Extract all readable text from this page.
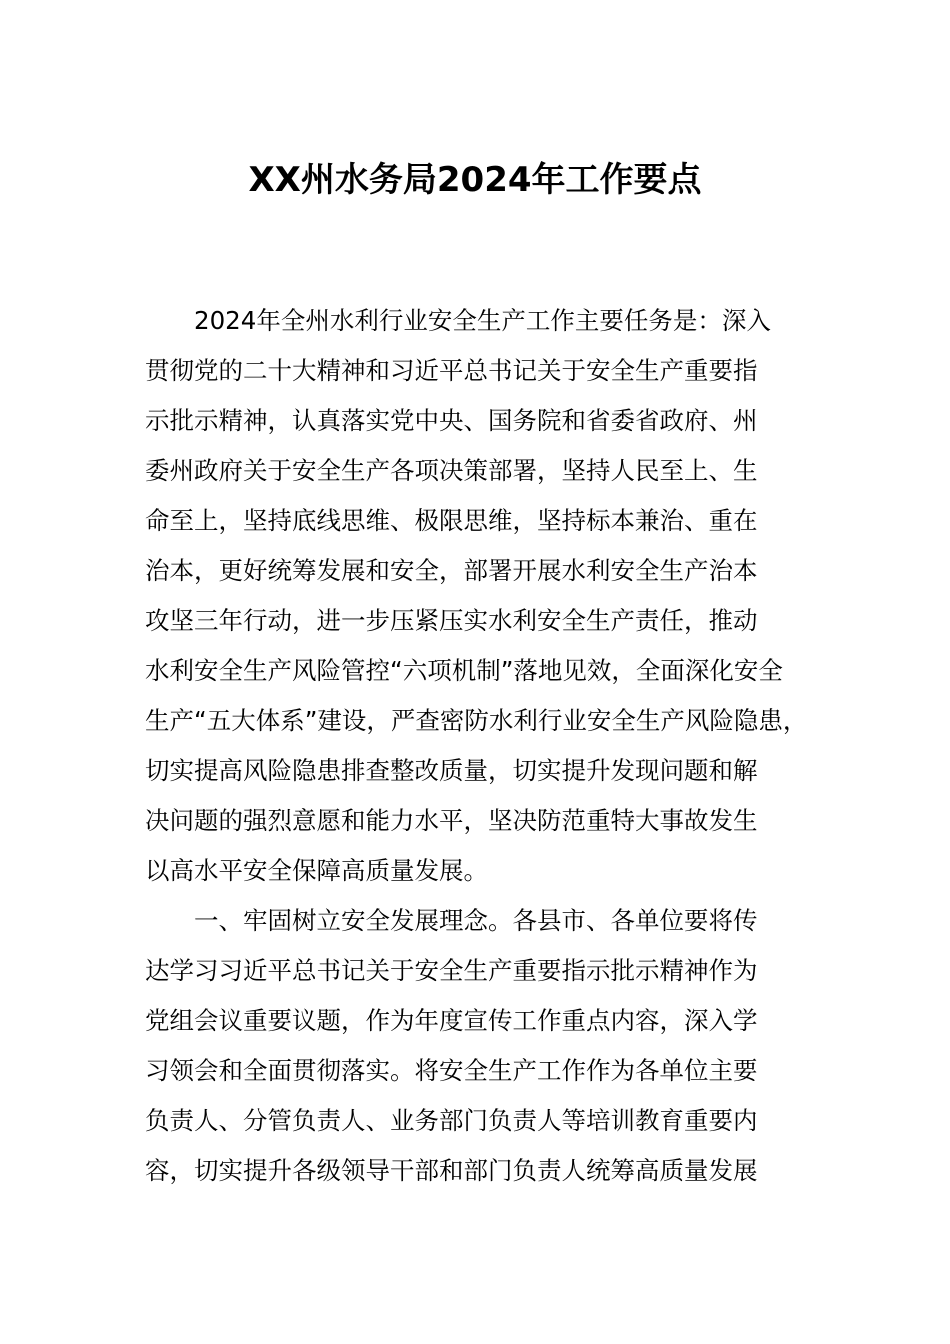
XX州水务局2024年工作要点
2024年全州水利行业安全生产工作主要任务是：深入
贯彻党的二十大精神和习近平总书记关于安全生产重要指
示批示精神，认真落实党中央、国务院和省委省政府、州
委州政府关于安全生产各项决策部署，坚持人民至上、生
命至上，坚持底线思维、极限思维，坚持标本兼治、重在
治本，更好统筹发展和安全，部署开展水利安全生产治本
攻坚三年行动，进一步压紧压实水利安全生产责任，推动
水利安全生产风险管控“六项机制”落地见效，全面深化安全
生产“五大体系”建设，严查密防水利行业安全生产风险隐患，
切实提高风险隐患排查整改质量，切实提升发现问题和解
决问题的强烈意愿和能力水平，坚决防范重特大事故发生
以高水平安全保障高质量发展。
一、牢固树立安全发展理念。各县市、各单位要将传
达学习习近平总书记关于安全生产重要指示批示精神作为
党组会议重要议题，作为年度宣传工作重点内容，深入学
习领会和全面贯彻落实。将安全生产工作作为各单位主要
负责人、分管负责人、业务部门负责人等培训教育重要内
容，切实提升各级领导干部和部门负责人统筹高质量发展
